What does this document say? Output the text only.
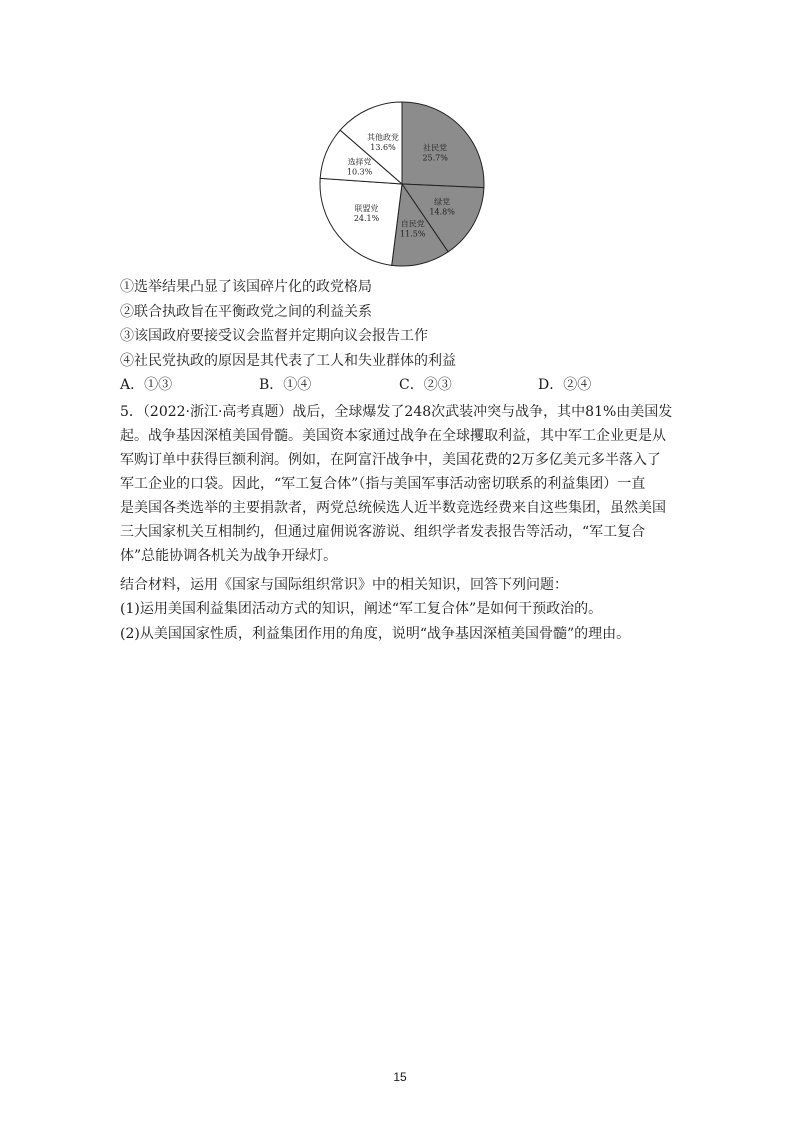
社民党
25.7%
绿党
14.8%
自民党
11.5%
联盟党
24.1%
选择党
10.3%
其他政党
13.6%
①选举结果凸显了该国碎片化的政党格局
②联合执政旨在平衡政党之间的利益关系
③该国政府要接受议会监督并定期向议会报告工作
④社民党执政的原因是其代表了工人和失业群体的利益
A．①③	B．①④	C．②③	D．②④
5．（2022·浙江·高考真题）战后，全球爆发了248次武装冲突与战争，其中81%由美国发
起。战争基因深植美国骨髓。美国资本家通过战争在全球攫取利益，其中军工企业更是从
军购订单中获得巨额利润。例如，在阿富汗战争中，美国花费的2万多亿美元多半落入了
军工企业的口袋。因此，“军工复合体”（指与美国军事活动密切联系的利益集团）一直
是美国各类选举的主要捐款者，两党总统候选人近半数竞选经费来自这些集团，虽然美国
三大国家机关互相制约，但通过雇佣说客游说、组织学者发表报告等活动，“军工复合
体”总能协调各机关为战争开绿灯。
结合材料，运用《国家与国际组织常识》中的相关知识，回答下列问题：
(1)运用美国利益集团活动方式的知识，阐述“军工复合体”是如何干预政治的。
(2)从美国国家性质，利益集团作用的角度，说明“战争基因深植美国骨髓”的理由。
15
